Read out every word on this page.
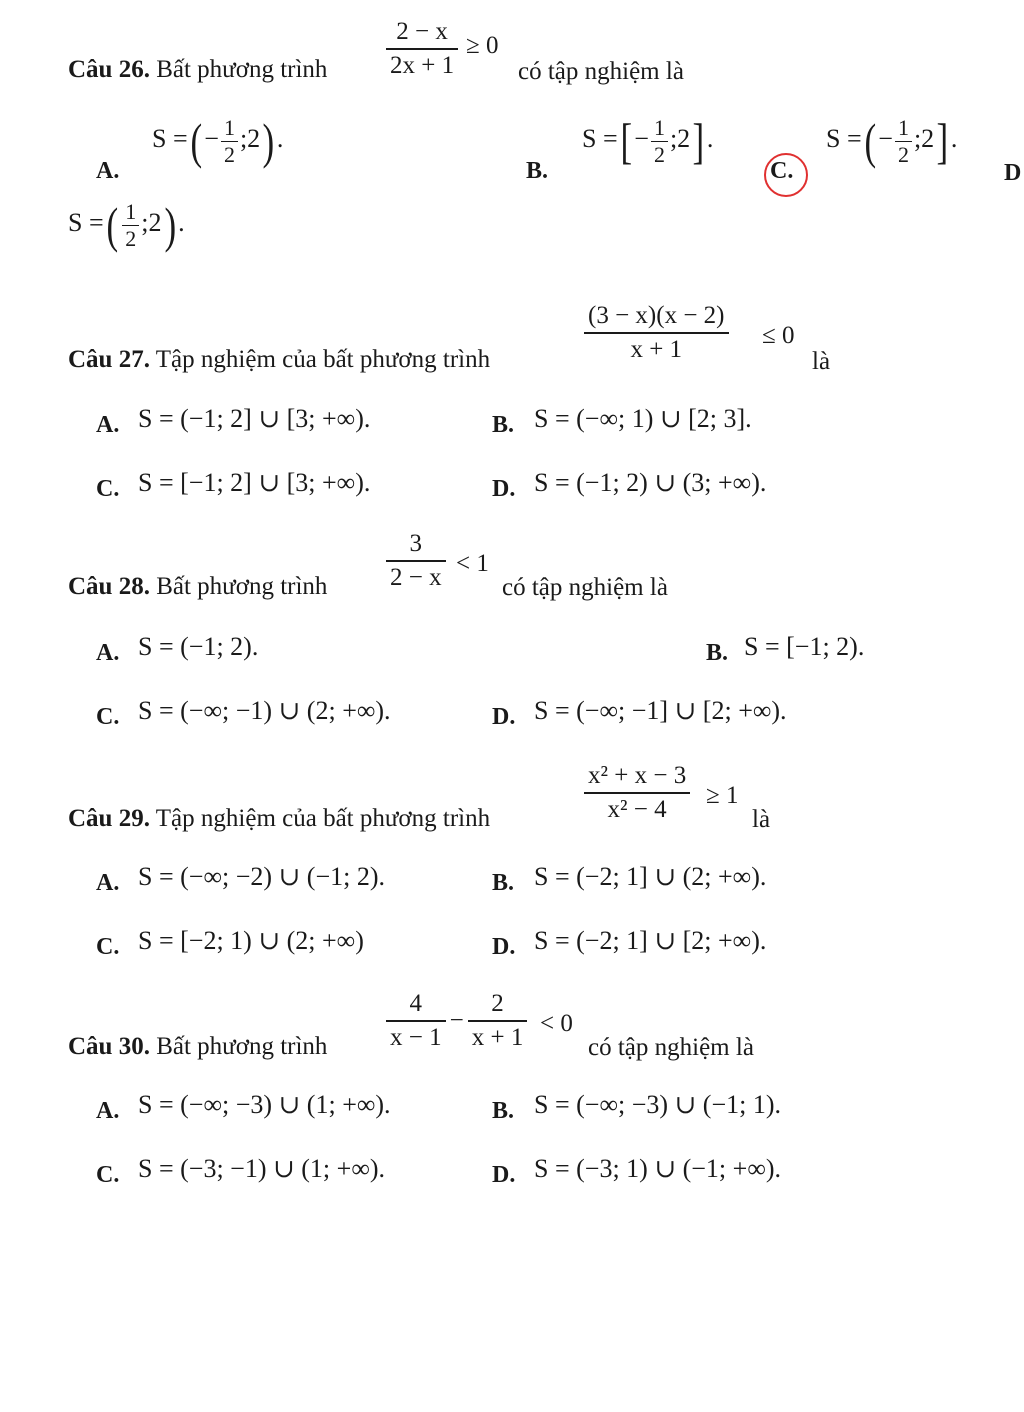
Câu 26. Bất phương trình $\frac{2 - x}{2x + 1} \ge 0$
có tập nghiệm là
A.
S =(− $\frac{1}{2}$ ;2).
B.
S =[− $\frac{1}{2}$ ;2].
C.
S =(− $\frac{1}{2}$ ;2].
D
S =( $\frac{1}{2}$ ;2).
Câu 27. Tập nghiệm của bất phương trình	$\frac{(3 - x)(x - 2)}{x + 1} \le 0$
là
A. S = (−1; 2] ∪ [3; +∞).	B. S = (−∞; 1) ∪ [2; 3].
C. S = [−1; 2] ∪ [3; +∞).	D. S = (−1; 2) ∪ (3; +∞).
Câu 28. Bất phương trình $\frac{3}{2 - x} < 1$
có tập nghiệm là
A. S = (−1; 2).	B. S = [−1; 2).
C. S = (−∞; −1) ∪ (2; +∞).	D. S = (−∞; −1] ∪ [2; +∞).
Câu 29. Tập nghiệm của bất phương trình	$\frac{\text{x² + x − 3}}{\text{x² − 4}} \ge 1$
là
A. S = (−∞; −2) ∪ (−1; 2).	B. S = (−2; 1] ∪ (2; +∞).
C. S = [−2; 1) ∪ (2; +∞)	D. S = (−2; 1] ∪ [2; +∞).
Câu 30. Bất phương trình $\frac{4}{x - 1} - \frac{2}{x + 1} < 0$
có tập nghiệm là
A. S = (−∞; −3) ∪ (1; +∞).	B. S = (−∞; −3) ∪ (−1; 1).
C. S = (−3; −1) ∪ (1; +∞).	D. S = (−3; 1) ∪ (−1; +∞).
